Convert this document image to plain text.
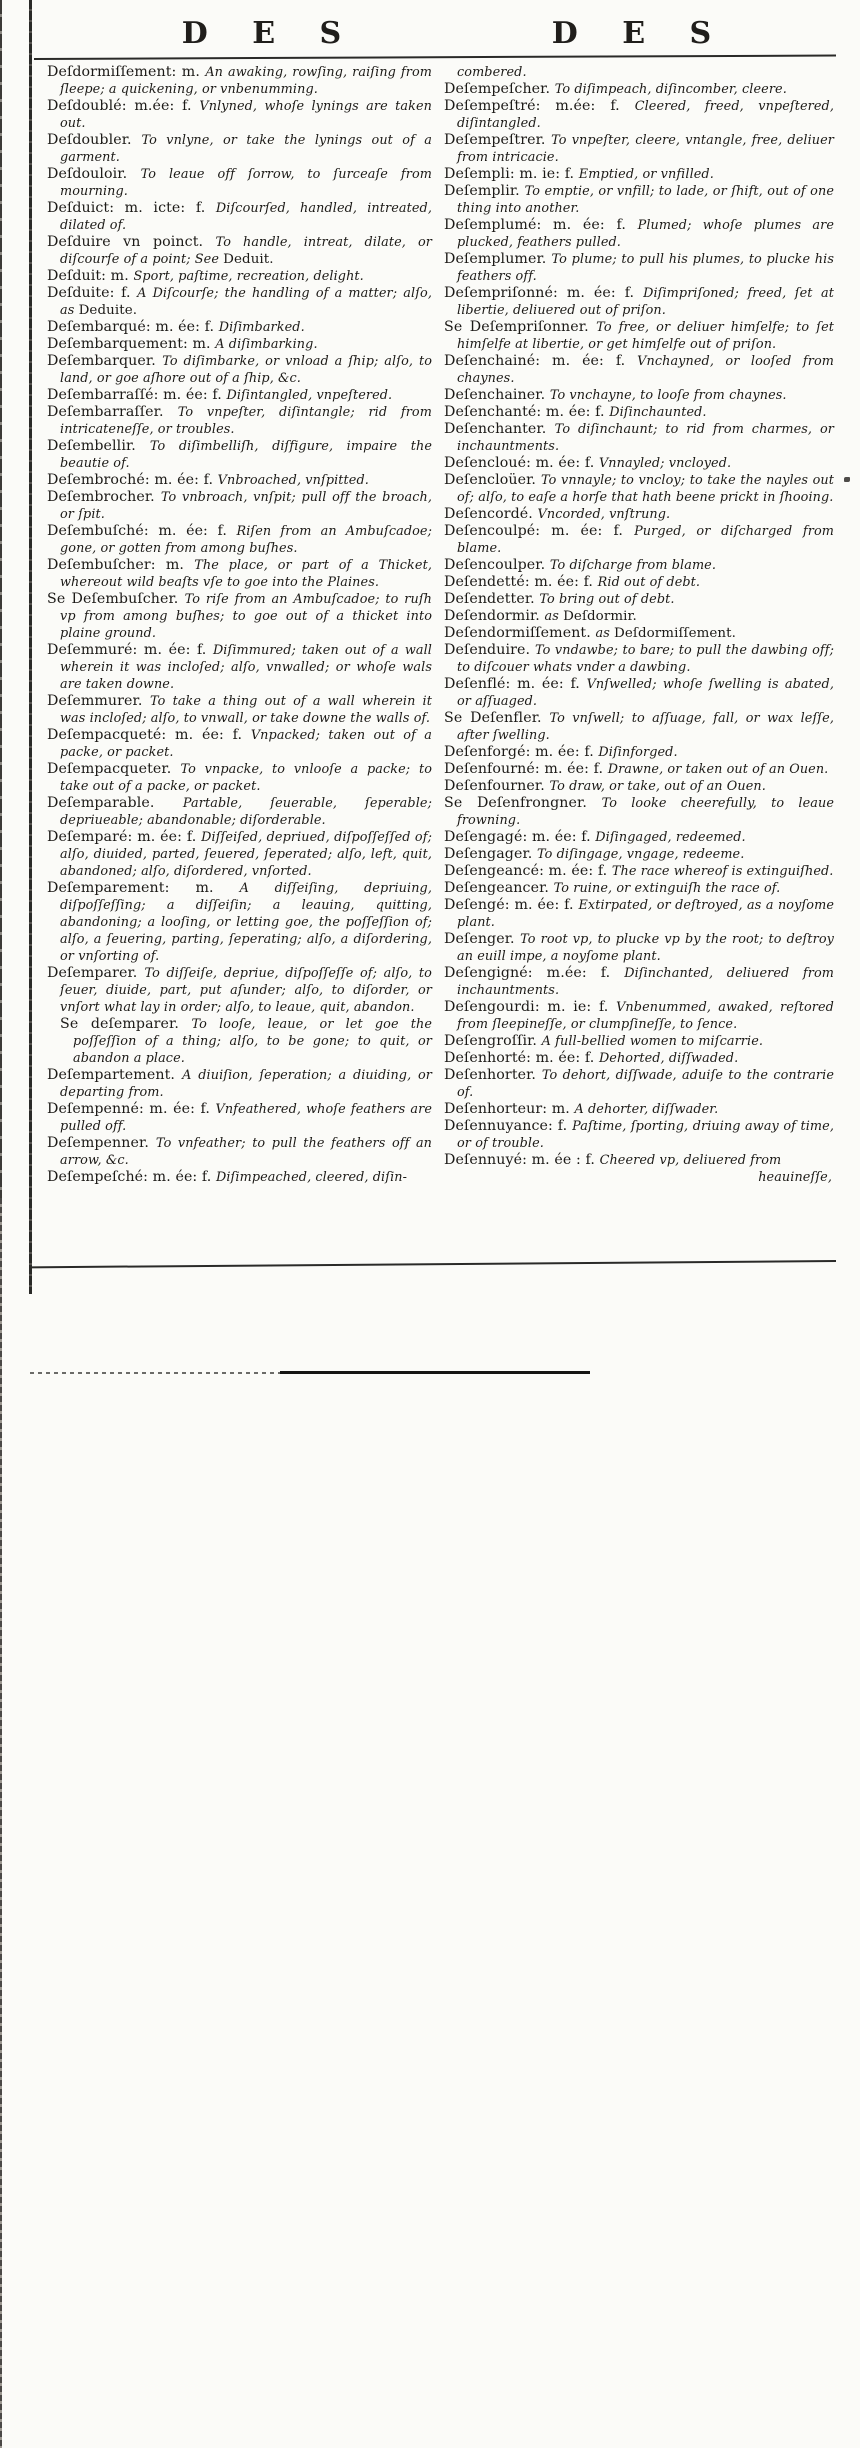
D E S	D E S

Deſdormiſſement: m. An awaking, rowſing, raiſing from ſleepe; a quickening, or vnbenumming.

Deſdoublé: m.ée: f. Vnlyned, whoſe lynings are taken out.

Deſdoubler. To vnlyne, or take the lynings out of a garment.

Deſdouloir. To leaue off ſorrow, to ſurceaſe from mourning.

Deſduict: m. icte: f. Diſcourſed, handled, intreated, dilated of.

Deſduire vn poinct. To handle, intreat, dilate, or diſcourſe of a point; See Deduit.

Deſduit: m. Sport, paſtime, recreation, delight.

Deſduite: f. A Diſcourſe; the handling of a matter; alſo, as Deduite.

Deſembarqué: m. ée: f. Diſimbarked.

Deſembarquement: m. A diſimbarking.

Deſembarquer. To diſimbarke, or vnload a ſhip; alſo, to land, or goe aſhore out of a ſhip, &c.

Deſembarraſſé: m. ée: f. Diſintangled, vnpeſtered.

Deſembarraſſer. To vnpeſter, diſintangle; rid from intricateneſſe, or troubles.

Deſembellir. To diſimbelliſh, diſfigure, impaire the beautie of.

Deſembroché: m. ée: f. Vnbroached, vnſpitted.

Deſembrocher. To vnbroach, vnſpit; pull off the broach, or ſpit.

Deſembuſché: m. ée: f. Riſen from an Ambuſcadoe; gone, or gotten from among buſhes.

Deſembuſcher: m. The place, or part of a Thicket, whereout wild beaſts vſe to goe into the Plaines.

Se Deſembuſcher. To riſe from an Ambuſcadoe; to ruſh vp from among buſhes; to goe out of a thicket into plaine ground.

Deſemmuré: m. ée: f. Diſimmured; taken out of a wall wherein it was incloſed; alſo, vnwalled; or whoſe wals are taken downe.

Deſemmurer. To take a thing out of a wall wherein it was incloſed; alſo, to vnwall, or take downe the walls of.

Deſempacqueté: m. ée: f. Vnpacked; taken out of a packe, or packet.

Deſempacqueter. To vnpacke, to vnlooſe a packe; to take out of a packe, or packet.

Deſemparable. Partable, ſeuerable, ſeperable; depriueable; abandonable; diſorderable.

Deſemparé: m. ée: f. Diſſeiſed, depriued, diſpoſſeſſed of; alſo, diuided, parted, ſeuered, ſeperated; alſo, left, quit, abandoned; alſo, diſordered, vnſorted.

Deſemparement: m. A diſſeiſing, depriuing, diſpoſſeſſing; a diſſeiſin; a leauing, quitting, abandoning; a looſing, or letting goe, the poſſeſſion of; alſo, a ſeuering, parting, ſeperating; alſo, a diſordering, or vnſorting of.

Deſemparer. To diſſeiſe, depriue, diſpoſſeſſe of; alſo, to ſeuer, diuide, part, put aſunder; alſo, to diſorder, or vnſort what lay in order; alſo, to leaue, quit, abandon.

Se deſemparer. To looſe, leaue, or let goe the poſſeſſion of a thing; alſo, to be gone; to quit, or abandon a place.

Deſempartement. A diuiſion, ſeperation; a diuiding, or departing from.

Deſempenné: m. ée: f. Vnfeathered, whoſe feathers are pulled off.

Deſempenner. To vnfeather; to pull the feathers off an arrow, &c.

Deſempeſché: m. ée: f. Diſimpeached, cleered, diſin-

combered.

Deſempeſcher. To diſimpeach, diſincomber, cleere.

Deſempeſtré: m.ée: f. Cleered, freed, vnpeſtered, diſintangled.

Deſempeſtrer. To vnpeſter, cleere, vntangle, free, deliuer from intricacie.

Deſempli: m. ie: f. Emptied, or vnfilled.

Deſemplir. To emptie, or vnfill; to lade, or ſhift, out of one thing into another.

Deſemplumé: m. ée: f. Plumed; whoſe plumes are plucked, feathers pulled.

Deſemplumer. To plume; to pull his plumes, to plucke his feathers off.

Deſempriſonné: m. ée: f. Diſimpriſoned; freed, ſet at libertie, deliuered out of priſon.

Se Deſempriſonner. To free, or deliuer himſelfe; to ſet himſelfe at libertie, or get himſelfe out of priſon.

Deſenchainé: m. ée: f. Vnchayned, or looſed from chaynes.

Deſenchainer. To vnchayne, to looſe from chaynes.

Deſenchanté: m. ée: f. Diſinchaunted.

Deſenchanter. To diſinchaunt; to rid from charmes, or inchauntments.

Deſencloué: m. ée: f. Vnnayled; vncloyed.

Deſencloüer. To vnnayle; to vncloy; to take the nayles out of; alſo, to eaſe a horſe that hath beene prickt in ſhooing.

Deſencordé. Vncorded, vnſtrung.

Deſencoulpé: m. ée: f. Purged, or diſcharged from blame.

Deſencoulper. To diſcharge from blame.

Deſendetté: m. ée: f. Rid out of debt.

Deſendetter. To bring out of debt.

Deſendormir. as Deſdormir.

Deſendormiſſement. as Deſdormiſſement.

Deſenduire. To vndawbe; to bare; to pull the dawbing off; to diſcouer whats vnder a dawbing.

Deſenflé: m. ée: f. Vnſwelled; whoſe ſwelling is abated, or aſſuaged.

Se Deſenfler. To vnſwell; to aſſuage, fall, or wax leſſe, after ſwelling.

Deſenforgé: m. ée: f. Diſinforged.

Deſenfourné: m. ée: f. Drawne, or taken out of an Ouen.

Deſenfourner. To draw, or take, out of an Ouen.

Se Deſenfrongner. To looke cheerefully, to leaue frowning.

Deſengagé: m. ée: f. Diſingaged, redeemed.

Deſengager. To diſingage, vngage, redeeme.

Deſengeancé: m. ée: f. The race whereof is extinguiſhed.

Deſengeancer. To ruine, or extinguiſh the race of.

Deſengé: m. ée: f. Extirpated, or deſtroyed, as a noyſome plant.

Deſenger. To root vp, to plucke vp by the root; to deſtroy an euill impe, a noyſome plant.

Deſengigné: m.ée: f. Diſinchanted, deliuered from inchauntments.

Deſengourdi: m. ie: f. Vnbenummed, awaked, reſtored from ſleepineſſe, or clumpſineſſe, to ſence.

Deſengroſſir. A full-bellied women to miſcarrie.

Deſenhorté: m. ée: f. Dehorted, diſſwaded.

Deſenhorter. To dehort, diſſwade, aduiſe to the contrarie of.

Deſenhorteur: m. A dehorter, diſſwader.

Deſennuyance: f. Paſtime, ſporting, driuing away of time, or of trouble.

Deſennuyé: m. ée : f. Cheered vp, deliuered from
heauineſſe,
